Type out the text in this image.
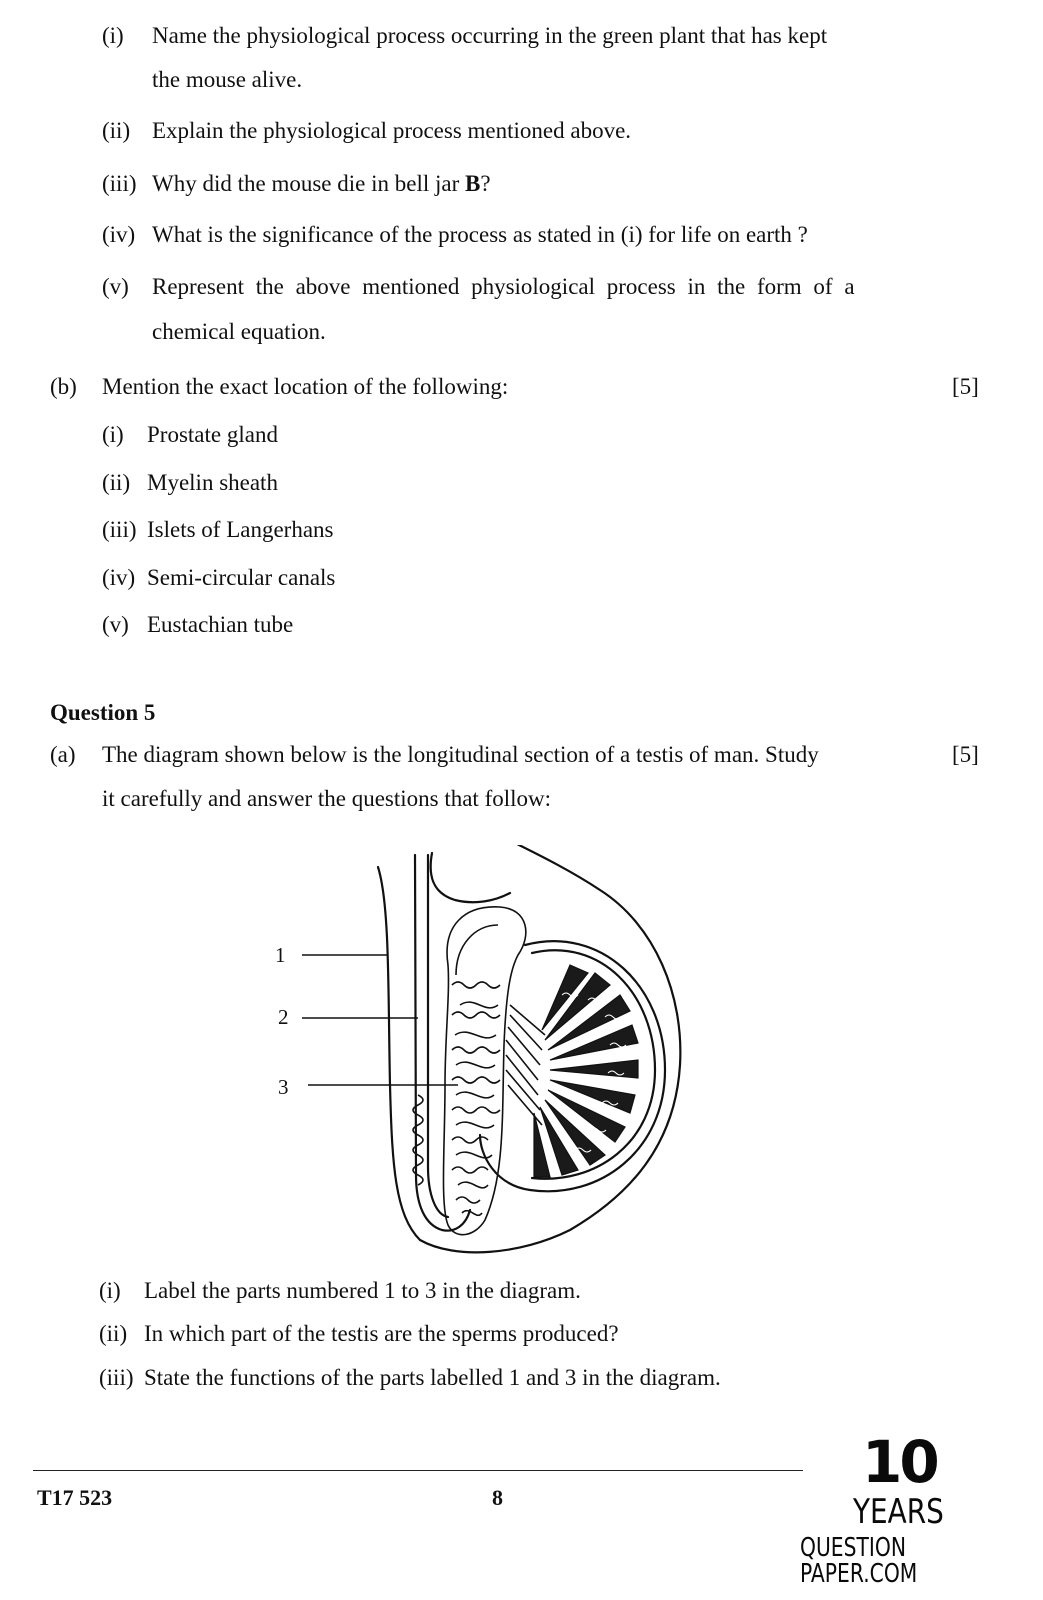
(i) Name the physiological process occurring in the green plant that has kept
the mouse alive.
(ii) Explain the physiological process mentioned above.
(iii) Why did the mouse die in bell jar B?
(iv) What is the significance of the process as stated in (i) for life on earth ?
(v) Represent the above mentioned physiological process in the form of a
chemical equation.
(b) Mention the exact location of the following:	[5]
(i) Prostate gland
(ii) Myelin sheath
(iii) Islets of Langerhans
(iv) Semi-circular canals
(v) Eustachian tube
Question 5
(a) The diagram shown below is the longitudinal section of a testis of man. Study	[5]
it carefully and answer the questions that follow:
1
2
3
(i) Label the parts numbered 1 to 3 in the diagram.
(ii) In which part of the testis are the sperms produced?
(iii) State the functions of the parts labelled 1 and 3 in the diagram.
T17 523	8
10
YEARS
QUESTION PAPER.COM
